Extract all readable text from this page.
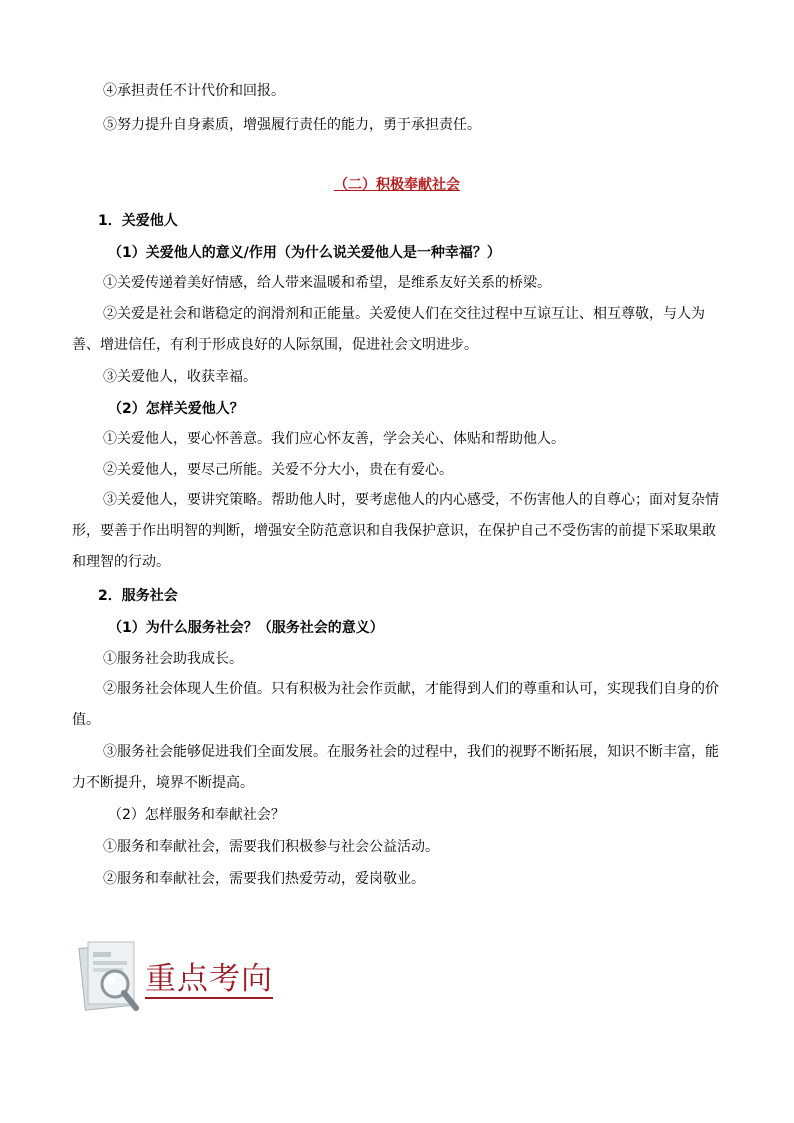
④承担责任不计代价和回报。
⑤努力提升自身素质，增强履行责任的能力，勇于承担责任。
（二）积极奉献社会
1．关爱他人
（1）关爱他人的意义/作用（为什么说关爱他人是一种幸福？）
①关爱传递着美好情感，给人带来温暖和希望，是维系友好关系的桥梁。
②关爱是社会和谐稳定的润滑剂和正能量。关爱使人们在交往过程中互谅互让、相互尊敬，与人为善、增进信任，有利于形成良好的人际氛围，促进社会文明进步。
③关爱他人，收获幸福。
（2）怎样关爱他人？
①关爱他人，要心怀善意。我们应心怀友善，学会关心、体贴和帮助他人。
②关爱他人，要尽己所能。关爱不分大小，贵在有爱心。
③关爱他人，要讲究策略。帮助他人时，要考虑他人的内心感受，不伤害他人的自尊心；面对复杂情形，要善于作出明智的判断，增强安全防范意识和自我保护意识，在保护自己不受伤害的前提下采取果敢和理智的行动。
2．服务社会
（1）为什么服务社会？（服务社会的意义）
①服务社会助我成长。
②服务社会体现人生价值。只有积极为社会作贡献，才能得到人们的尊重和认可，实现我们自身的价值。
③服务社会能够促进我们全面发展。在服务社会的过程中，我们的视野不断拓展，知识不断丰富，能力不断提升，境界不断提高。
（2）怎样服务和奉献社会？
①服务和奉献社会，需要我们积极参与社会公益活动。
②服务和奉献社会，需要我们热爱劳动，爱岗敬业。
重点考向
